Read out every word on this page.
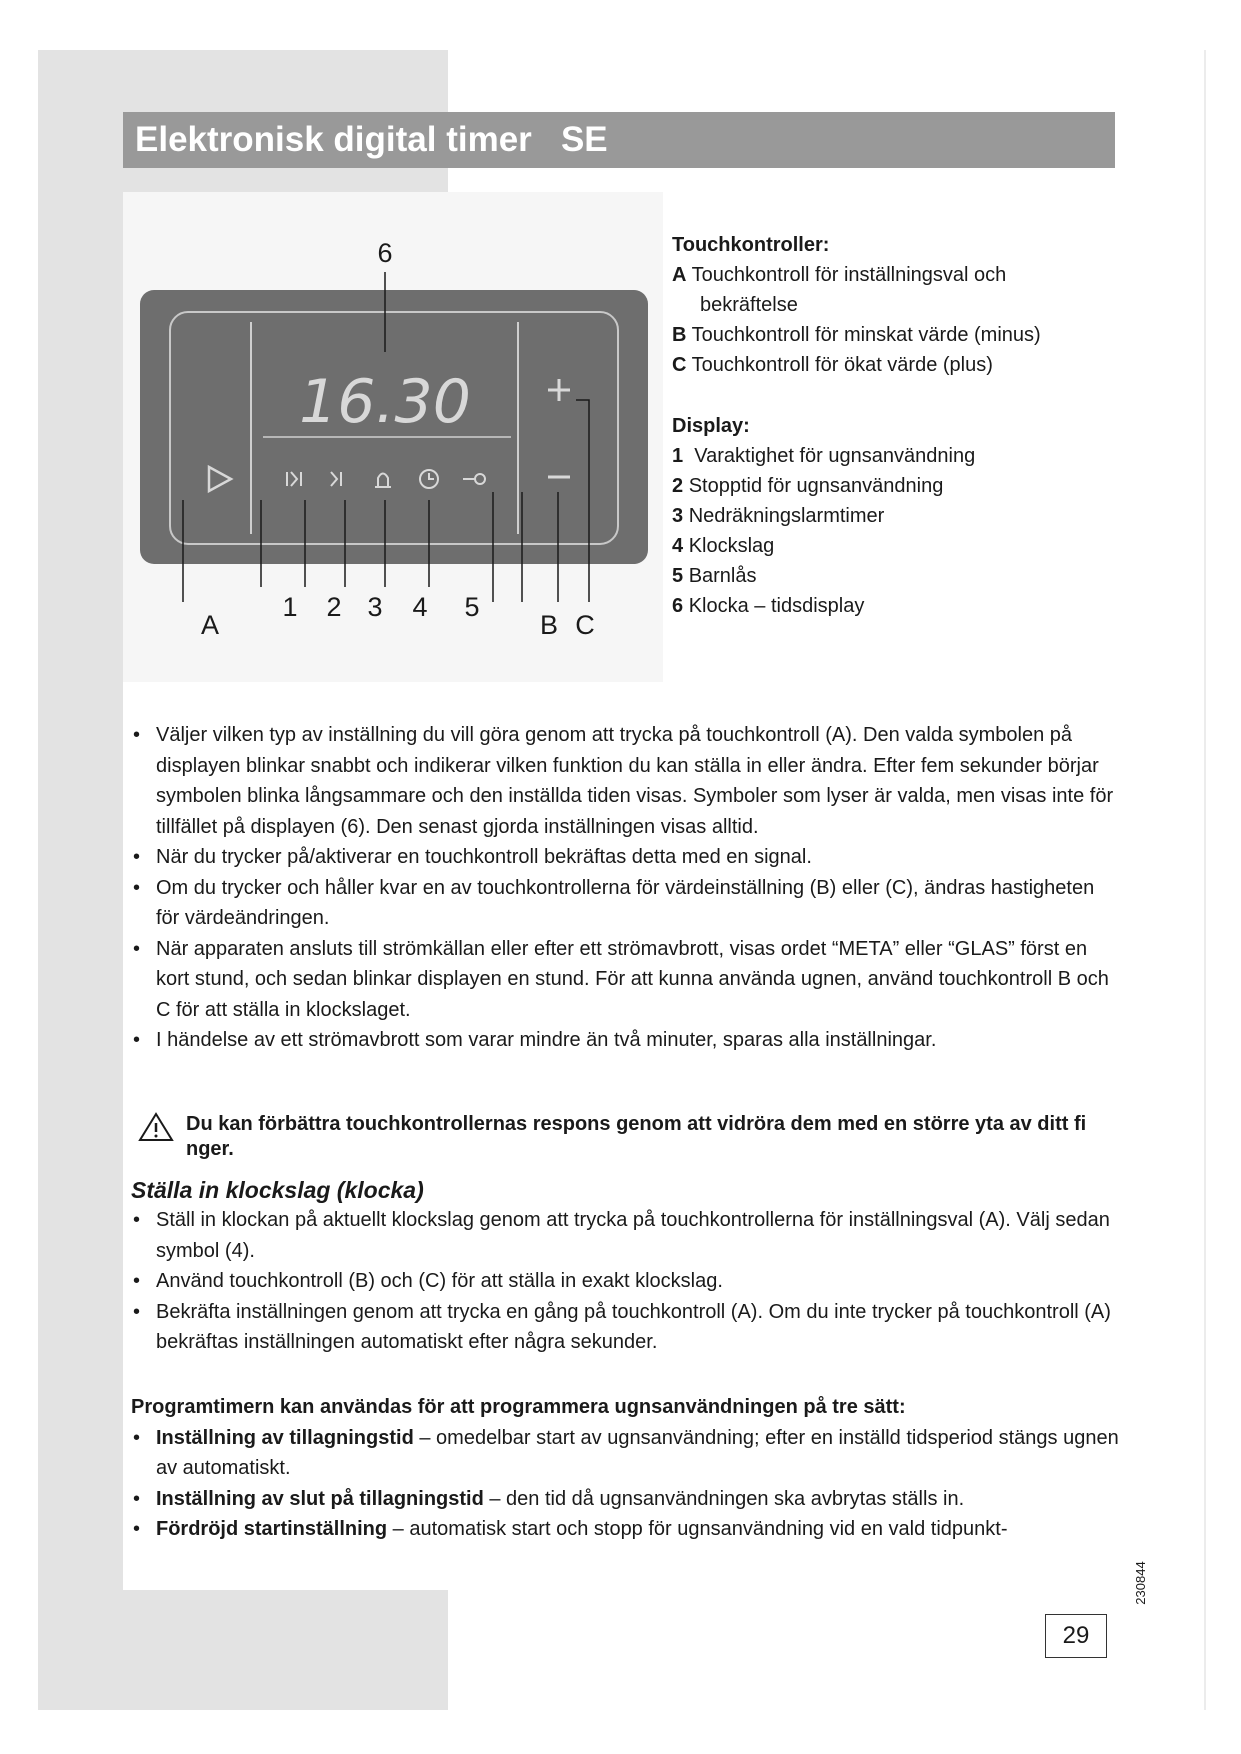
Elektronisk digital timer   SE
16.30
6
A
1 2 3 4 5
B C
Touchkontroller:
A Touchkontroll för inställningsval och
bekräftelse
B Touchkontroll för minskat värde (minus)
C Touchkontroll för ökat värde (plus)
Display:
1 Varaktighet för ugnsanvändning
2 Stopptid för ugnsanvändning
3 Nedräkningslarmtimer
4 Klockslag
5 Barnlås
6 Klocka – tidsdisplay
• Väljer vilken typ av inställning du vill göra genom att trycka på touchkontroll (A). Den valda symbolen på displayen blinkar snabbt och indikerar vilken funktion du kan ställa in eller ändra. Efter fem sekunder börjar symbolen blinka långsammare och den inställda tiden visas. Symboler som lyser är valda, men visas inte för tillfället på displayen (6). Den senast gjorda inställningen visas alltid.
• När du trycker på/aktiverar en touchkontroll bekräftas detta med en signal.
• Om du trycker och håller kvar en av touchkontrollerna för värdeinställning (B) eller (C), ändras hastigheten för värdeändringen.
• När apparaten ansluts till strömkällan eller efter ett strömavbrott, visas ordet “META” eller “GLAS” först en kort stund, och sedan blinkar displayen en stund. För att kunna använda ugnen, använd touchkontroll B och C för att ställa in klockslaget.
• I händelse av ett strömavbrott som varar mindre än två minuter, sparas alla inställningar.
Du kan förbättra touchkontrollernas respons genom att vidröra dem med en större yta av ditt fi nger.
Ställa in klockslag (klocka)
• Ställ in klockan på aktuellt klockslag genom att trycka på touchkontrollerna för inställningsval (A). Välj sedan symbol (4).
• Använd touchkontroll (B) och (C) för att ställa in exakt klockslag.
• Bekräfta inställningen genom att trycka en gång på touchkontroll (A). Om du inte trycker på touchkontroll (A) bekräftas inställningen automatiskt efter några sekunder.
Programtimern kan användas för att programmera ugnsanvändningen på tre sätt:
• Inställning av tillagningstid – omedelbar start av ugnsanvändning; efter en inställd tidsperiod stängs ugnen av automatiskt.
• Inställning av slut på tillagningstid – den tid då ugnsanvändningen ska avbrytas ställs in.
• Fördröjd startinställning – automatisk start och stopp för ugnsanvändning vid en vald tidpunkt-
230844
29
